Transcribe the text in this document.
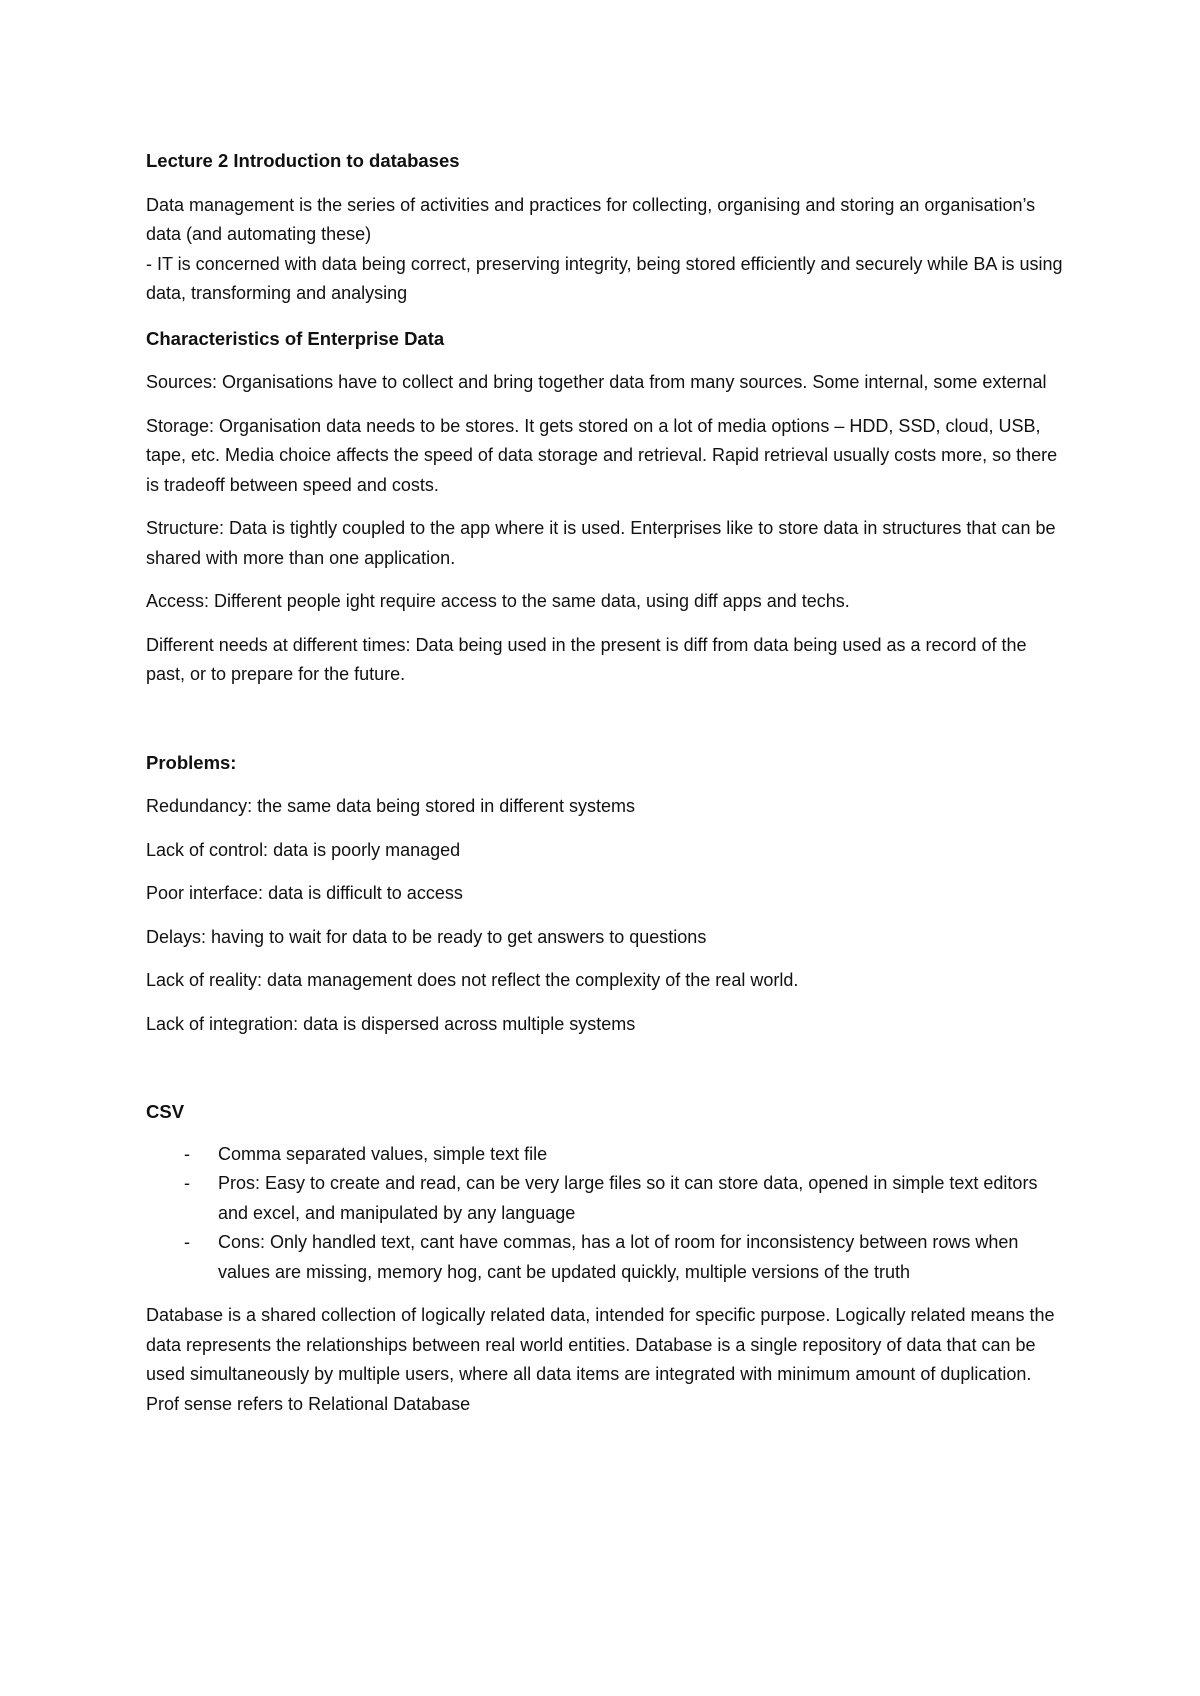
Lecture 2 Introduction to databases

Data management is the series of activities and practices for collecting, organising and storing an organisation’s data (and automating these)

- IT is concerned with data being correct, preserving integrity, being stored efficiently and securely while BA is using data, transforming and analysing

Characteristics of Enterprise Data

Sources: Organisations have to collect and bring together data from many sources. Some internal, some external

Storage: Organisation data needs to be stores. It gets stored on a lot of media options – HDD, SSD, cloud, USB, tape, etc. Media choice affects the speed of data storage and retrieval. Rapid retrieval usually costs more, so there is tradeoff between speed and costs.

Structure: Data is tightly coupled to the app where it is used. Enterprises like to store data in structures that can be shared with more than one application.

Access: Different people ight require access to the same data, using diff apps and techs.

Different needs at different times: Data being used in the present is diff from data being used as a record of the past, or to prepare for the future.

Problems:

Redundancy: the same data being stored in different systems

Lack of control: data is poorly managed

Poor interface: data is difficult to access

Delays: having to wait for data to be ready to get answers to questions

Lack of reality: data management does not reflect the complexity of the real world.

Lack of integration: data is dispersed across multiple systems

CSV

- Comma separated values, simple text file
- Pros: Easy to create and read, can be very large files so it can store data, opened in simple text editors and excel, and manipulated by any language
- Cons: Only handled text, cant have commas, has a lot of room for inconsistency between rows when values are missing, memory hog, cant be updated quickly, multiple versions of the truth

Database is a shared collection of logically related data, intended for specific purpose. Logically related means the data represents the relationships between real world entities. Database is a single repository of data that can be used simultaneously by multiple users, where all data items are integrated with minimum amount of duplication. Prof sense refers to Relational Database
